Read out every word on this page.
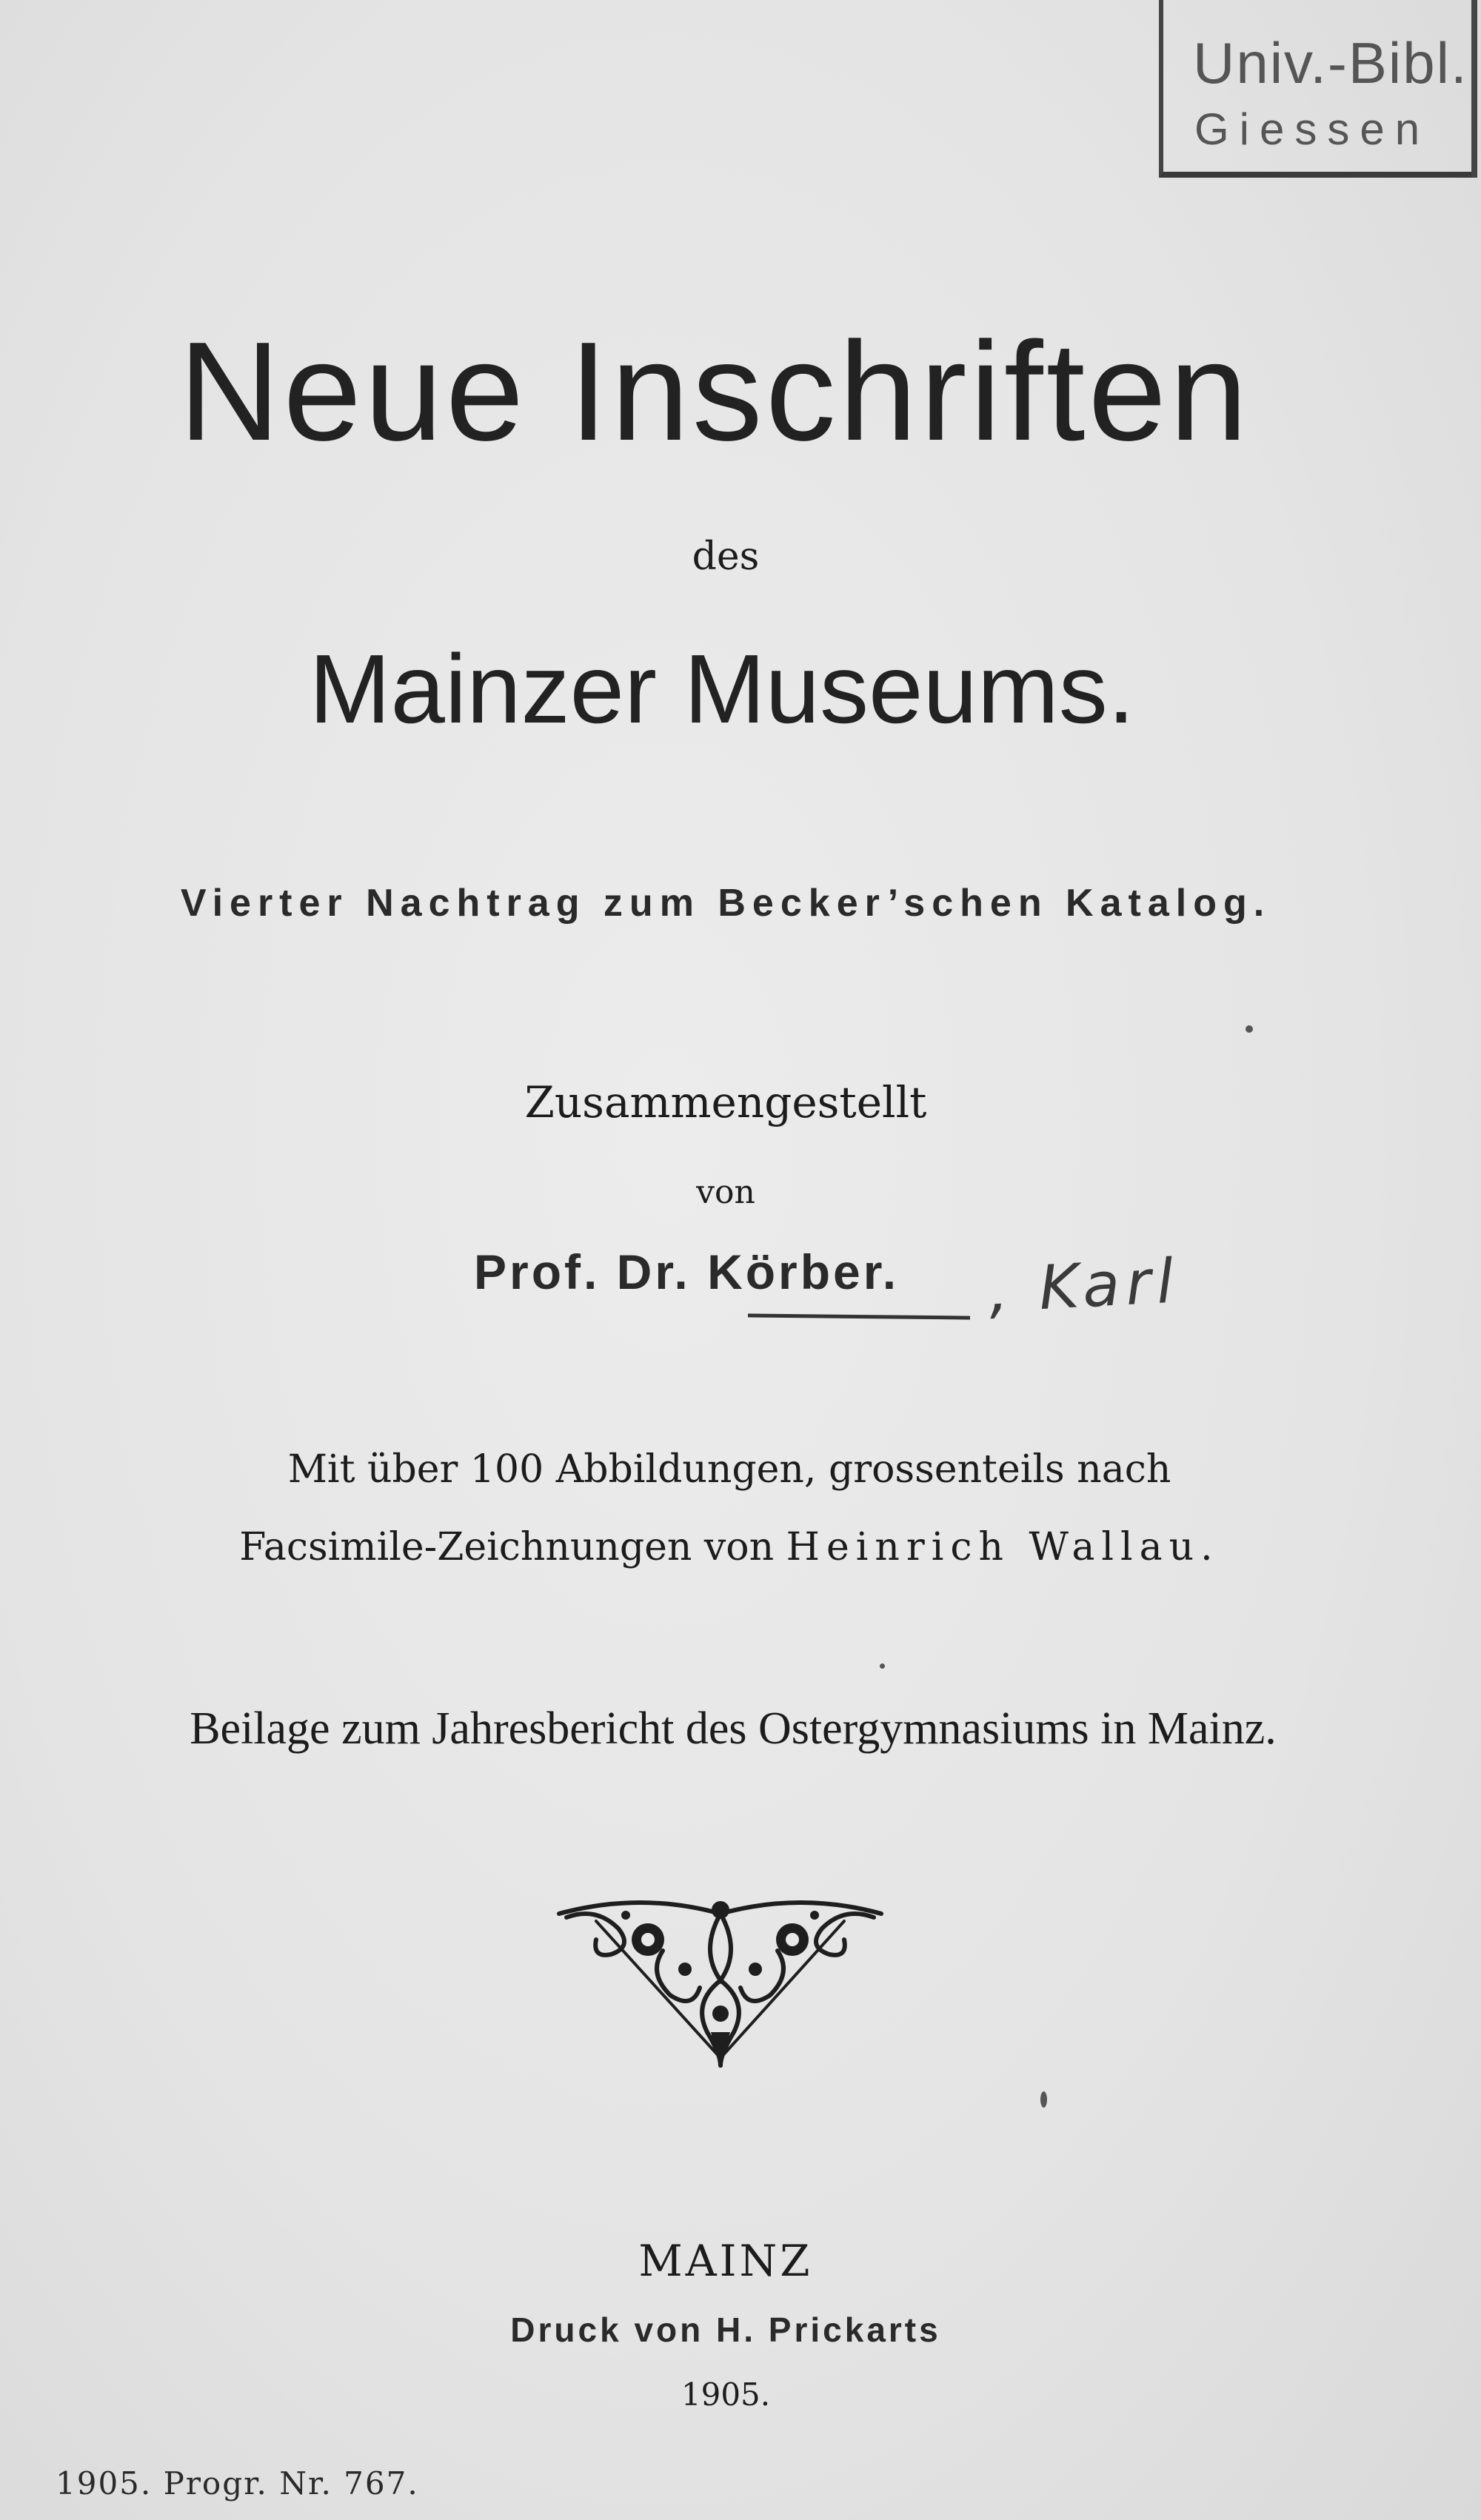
Univ.-Bibl.
Giessen
Neue Inschriften
des
Mainzer Museums.
Vierter Nachtrag zum Becker’schen Katalog.
Zusammengestellt
von
Prof. Dr. Körber. , Karl
Mit über 100 Abbildungen, grossenteils nach
Facsimile-Zeichnungen von Heinrich Wallau.
Beilage zum Jahresbericht des Ostergymnasiums in Mainz.
MAINZ
Druck von H. Prickarts
1905.
1905. Progr. Nr. 767.
